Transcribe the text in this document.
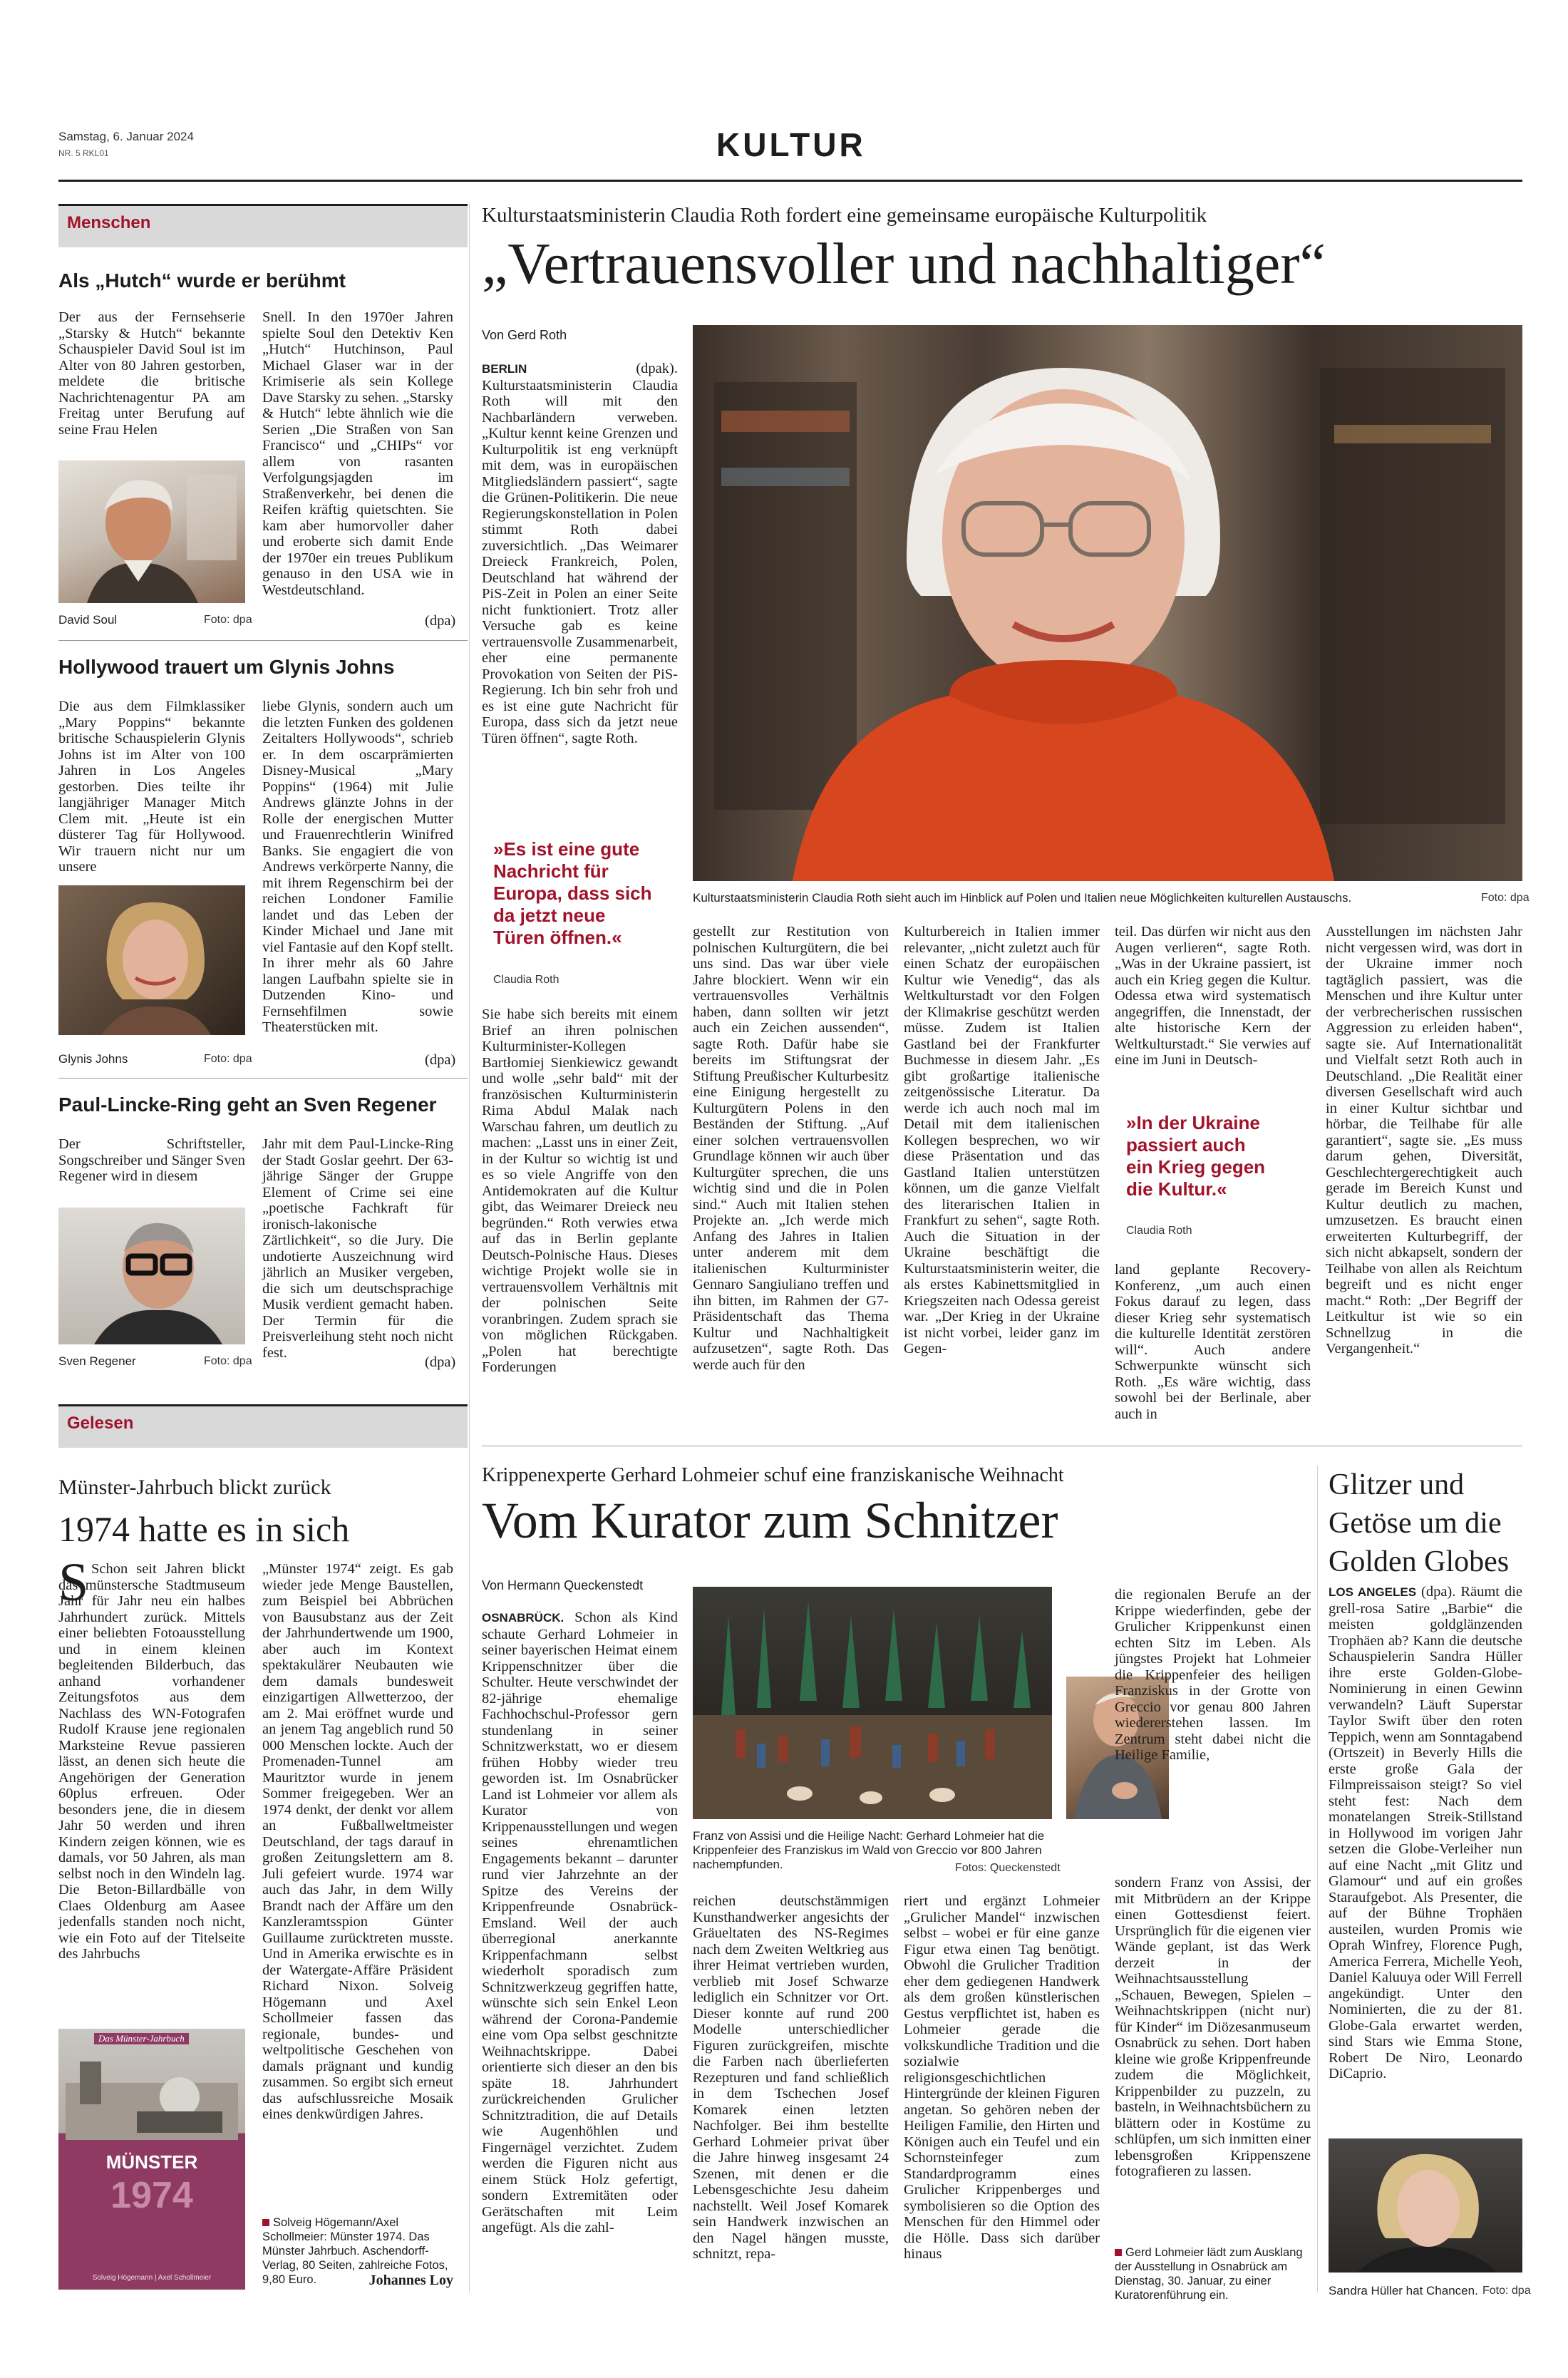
Samstag, 6. Januar 2024
NR. 5 RKL01	KULTUR
Menschen
Als „Hutch“ wurde er berühmt
Der aus der Fernsehserie „Starsky & Hutch“ bekannte Schauspieler David Soul ist im Alter von 80 Jahren gestorben, meldete die britische Nachrichtenagentur PA am Freitag unter Berufung auf seine Frau Helen
David Soul	Foto: dpa
Snell. In den 1970er Jahren spielte Soul den Detektiv Ken „Hutch“ Hutchinson, Paul Michael Glaser war in der Krimiserie als sein Kollege Dave Starsky zu sehen. „Starsky & Hutch“ lebte ähnlich wie die Serien „Die Straßen von San Francisco“ und „CHIPs“ vor allem von rasanten Verfolgungsjagden im Straßenverkehr, bei denen die Reifen kräftig quietschten. Sie kam aber humorvoller daher und eroberte sich damit Ende der 1970er ein treues Publikum genauso in den USA wie in Westdeutschland.
(dpa)
Hollywood trauert um Glynis Johns
Die aus dem Filmklassiker „Mary Poppins“ bekannte britische Schauspielerin Glynis Johns ist im Alter von 100 Jahren in Los Angeles gestorben. Dies teilte ihr langjähriger Manager Mitch Clem mit. „Heute ist ein düsterer Tag für Hollywood. Wir trauern nicht nur um unsere
Glynis Johns	Foto: dpa
liebe Glynis, sondern auch um die letzten Funken des goldenen Zeitalters Hollywoods“, schrieb er. In dem oscarprämierten Disney-Musical „Mary Poppins“ (1964) mit Julie Andrews glänzte Johns in der Rolle der energischen Mutter und Frauenrechtlerin Winifred Banks. Sie engagiert die von Andrews verkörperte Nanny, die mit ihrem Regenschirm bei der reichen Londoner Familie landet und das Leben der Kinder Michael und Jane mit viel Fantasie auf den Kopf stellt. In ihrer mehr als 60 Jahre langen Laufbahn spielte sie in Dutzenden Kino- und Fernsehfilmen sowie Theaterstücken mit.
(dpa)
Paul-Lincke-Ring geht an Sven Regener
Der Schriftsteller, Songschreiber und Sänger Sven Regener wird in diesem
Sven Regener	Foto: dpa
Jahr mit dem Paul-Lincke-Ring der Stadt Goslar geehrt. Der 63-jährige Sänger der Gruppe Element of Crime sei eine „poetische Fachkraft für ironisch-lakonische Zärtlichkeit“, so die Jury. Die undotierte Auszeichnung wird jährlich an Musiker vergeben, die sich um deutschsprachige Musik verdient gemacht haben. Der Termin für die Preisverleihung steht noch nicht fest.
(dpa)
Gelesen
Münster-Jahrbuch blickt zurück
1974 hatte es in sich
S Schon seit Jahren blickt das münstersche Stadtmuseum Jahr für Jahr neu ein halbes Jahrhundert zurück. Mittels einer beliebten Fotoausstellung und in einem kleinen begleitenden Bilderbuch, das anhand vorhandener Zeitungsfotos aus dem Nachlass des WN-Fotografen Rudolf Krause jene regionalen Marksteine Revue passieren lässt, an denen sich heute die Angehörigen der Generation 60plus erfreuen. Oder besonders jene, die in diesem Jahr 50 werden und ihren Kindern zeigen können, wie es damals, vor 50 Jahren, als man selbst noch in den Windeln lag. Die Beton-Billardbälle von Claes Oldenburg am Aasee jedenfalls standen noch nicht, wie ein Foto auf der Titelseite des Jahrbuchs
Das Münster-Jahrbuch
MÜNSTER
1974
Solveig Högemann | Axel Schollmeier
„Münster 1974“ zeigt. Es gab wieder jede Menge Baustellen, zum Beispiel bei Abbrüchen von Bausubstanz aus der Zeit der Jahrhundertwende um 1900, aber auch im Kontext spektakulärer Neubauten wie dem damals bundesweit einzigartigen Allwetterzoo, der am 2. Mai eröffnet wurde und an jenem Tag angeblich rund 50 000 Menschen lockte. Auch der Promenaden-Tunnel am Mauritztor wurde in jenem Sommer freigegeben. Wer an 1974 denkt, der denkt vor allem an Fußballweltmeister Deutschland, der tags darauf in großen Zeitungslettern am 8. Juli gefeiert wurde. 1974 war auch das Jahr, in dem Willy Brandt nach der Affäre um den Kanzleramtsspion Günter Guillaume zurücktreten musste. Und in Amerika erwischte es in der Watergate-Affäre Präsident Richard Nixon. Solveig Högemann und Axel Schollmeier fassen das regionale, bundes- und weltpolitische Geschehen von damals prägnant und kundig zusammen. So ergibt sich erneut das aufschlussreiche Mosaik eines denkwürdigen Jahres.
Solveig Högemann/Axel Schollmeier: Münster 1974. Das Münster Jahrbuch. Aschendorff-Verlag, 80 Seiten, zahlreiche Fotos, 9,80 Euro.	Johannes Loy
Kulturstaatsministerin Claudia Roth fordert eine gemeinsame europäische Kulturpolitik
„Vertrauensvoller und nachhaltiger“
Von Gerd Roth
BERLIN	(dpak). Kulturstaatsministerin Claudia Roth will mit den Nachbarländern verweben. „Kultur kennt keine Grenzen und Kulturpolitik ist eng verknüpft mit dem, was in europäischen Mitgliedsländern passiert“, sagte die Grünen-Politikerin. Die neue Regierungskonstellation in Polen stimmt Roth dabei zuversichtlich. „Das Weimarer Dreieck Frankreich, Polen, Deutschland hat während der PiS-Zeit in Polen an einer Seite nicht funktioniert. Trotz aller Versuche gab es keine vertrauensvolle Zusammenarbeit, eher eine permanente Provokation von Seiten der PiS-Regierung. Ich bin sehr froh und es ist eine gute Nachricht für Europa, dass sich da jetzt neue Türen öffnen“, sagte Roth.
»Es ist eine gute Nachricht für Europa, dass sich da jetzt neue Türen öffnen.«
Claudia Roth
Kulturstaatsministerin Claudia Roth sieht auch im Hinblick auf Polen und Italien neue Möglichkeiten kulturellen Austauschs.	Foto: dpa
Sie habe sich bereits mit einem Brief an ihren polnischen Kulturminister-Kollegen Bartłomiej Sienkiewicz gewandt und wolle „sehr bald“ mit der französischen Kulturministerin Rima Abdul Malak nach Warschau fahren, um deutlich zu machen: „Lasst uns in einer Zeit, in der Kultur so wichtig ist und es so viele Angriffe von den Antidemokraten auf die Kultur gibt, das Weimarer Dreieck neu begründen.“ Roth verwies etwa auf das in Berlin geplante Deutsch-Polnische Haus. Dieses wichtige Projekt wolle sie in vertrauensvollem Verhältnis mit der polnischen Seite voranbringen. Zudem sprach sie von möglichen Rückgaben. „Polen hat berechtigte Forderungen
gestellt zur Restitution von polnischen Kulturgütern, die bei uns sind. Das war über viele Jahre blockiert. Wenn wir ein vertrauensvolles Verhältnis haben, dann sollten wir jetzt auch ein Zeichen aussenden“, sagte Roth. Dafür habe sie bereits im Stiftungsrat der Stiftung Preußischer Kulturbesitz eine Einigung hergestellt zu Kulturgütern Polens in den Beständen der Stiftung. „Auf einer solchen vertrauensvollen Grundlage können wir auch über Kulturgüter sprechen, die uns wichtig sind und die in Polen sind.“ Auch mit Italien stehen Projekte an. „Ich werde mich Anfang des Jahres in Italien unter anderem mit dem italienischen Kulturminister Gennaro Sangiuliano treffen und ihn bitten, im Rahmen der G7-Präsidentschaft das Thema Kultur und Nachhaltigkeit aufzusetzen“, sagte Roth. Das werde auch für den
Kulturbereich in Italien immer relevanter, „nicht zuletzt auch für einen Schatz der europäischen Kultur wie Venedig“, das als Weltkulturstadt vor den Folgen der Klimakrise geschützt werden müsse. Zudem ist Italien Gastland bei der Frankfurter Buchmesse in diesem Jahr. „Es gibt großartige italienische zeitgenössische Literatur. Da werde ich auch noch mal im Detail mit dem italienischen Kollegen besprechen, wo wir diese Präsentation und das Gastland Italien unterstützen können, um die ganze Vielfalt des literarischen Italien in Frankfurt zu sehen“, sagte Roth. Auch die Situation in der Ukraine beschäftigt die Kulturstaatsministerin weiter, die als erstes Kabinettsmitglied in Kriegszeiten nach Odessa gereist war. „Der Krieg in der Ukraine ist nicht vorbei, leider ganz im Gegen-
teil. Das dürfen wir nicht aus den Augen verlieren“, sagte Roth. „Was in der Ukraine passiert, ist auch ein Krieg gegen die Kultur. Odessa etwa wird systematisch angegriffen, die Innenstadt, der alte historische Kern der Weltkulturstadt.“ Sie verwies auf eine im Juni in Deutsch-
»In der Ukraine passiert auch ein Krieg gegen die Kultur.«
Claudia Roth
land geplante Recovery-Konferenz, „um auch einen Fokus darauf zu legen, dass dieser Krieg sehr systematisch die kulturelle Identität zerstören will“. Auch andere Schwerpunkte wünscht sich Roth. „Es wäre wichtig, dass sowohl bei der Berlinale, aber auch in
Ausstellungen im nächsten Jahr nicht vergessen wird, was dort in der Ukraine immer noch tagtäglich passiert, was die Menschen und ihre Kultur unter der verbrecherischen russischen Aggression zu erleiden haben“, sagte sie. Auf Internationalität und Vielfalt setzt Roth auch in Deutschland. „Die Realität einer diversen Gesellschaft wird auch in einer Kultur sichtbar und hörbar, die Teilhabe für alle garantiert“, sagte sie. „Es muss darum gehen, Diversität, Geschlechtergerechtigkeit auch gerade im Bereich Kunst und Kultur deutlich zu machen, umzusetzen. Es braucht einen erweiterten Kulturbegriff, der sich nicht abkapselt, sondern der Teilhabe von allen als Reichtum begreift und es nicht enger macht.“ Roth: „Der Begriff der Leitkultur ist wie so ein Schnellzug in die Vergangenheit.“
Krippenexperte Gerhard Lohmeier schuf eine franziskanische Weihnacht
Vom Kurator zum Schnitzer
Von Hermann Queckenstedt
OSNABRÜCK. Schon als Kind schaute Gerhard Lohmeier in seiner bayerischen Heimat einem Krippenschnitzer über die Schulter. Heute verschwindet der 82-jährige ehemalige Fachhochschul-Professor gern stundenlang in seiner Schnitzwerkstatt, wo er diesem frühen Hobby wieder treu geworden ist. Im Osnabrücker Land ist Lohmeier vor allem als Kurator von Krippenausstellungen und wegen seines ehrenamtlichen Engagements bekannt – darunter rund vier Jahrzehnte an der Spitze des Vereins der Krippenfreunde Osnabrück-Emsland. Weil der auch überregional anerkannte Krippenfachmann selbst wiederholt sporadisch zum Schnitzwerkzeug gegriffen hatte, wünschte sich sein Enkel Leon während der Corona-Pandemie eine vom Opa selbst geschnitzte Weihnachtskrippe. Dabei orientierte sich dieser an den bis späte 18. Jahrhundert zurückreichenden Grulicher Schnitztradition, die auf Details wie Augenhöhlen und Fingernägel verzichtet. Zudem werden die Figuren nicht aus einem Stück Holz gefertigt, sondern Extremitäten oder Gerätschaften mit Leim angefügt. Als die zahl-
Franz von Assisi und die Heilige Nacht: Gerhard Lohmeier hat die Krippenfeier des Franziskus im Wald von Greccio vor 800 Jahren nachempfunden.	Fotos: Queckenstedt
reichen deutschstämmigen Kunsthandwerker angesichts der Gräueltaten des NS-Regimes nach dem Zweiten Weltkrieg aus ihrer Heimat vertrieben wurden, verblieb mit Josef Schwarze lediglich ein Schnitzer vor Ort. Dieser konnte auf rund 200 Modelle unterschiedlicher Figuren zurückgreifen, mischte die Farben nach überlieferten Rezepturen und fand schließlich in dem Tschechen Josef Komarek einen letzten Nachfolger. Bei ihm bestellte Gerhard Lohmeier privat über die Jahre hinweg insgesamt 24 Szenen, mit denen er die Lebensgeschichte Jesu daheim nachstellt. Weil Josef Komarek sein Handwerk inzwischen an den Nagel hängen musste, schnitzt, repa-
riert und ergänzt Lohmeier „Grulicher Mandel“ inzwischen selbst – wobei er für eine ganze Figur etwa einen Tag benötigt. Obwohl die Grulicher Tradition eher dem gediegenen Handwerk als dem großen künstlerischen Gestus verpflichtet ist, haben es Lohmeier gerade die volkskundliche Tradition und die sozialwie religionsgeschichtlichen Hintergründe der kleinen Figuren angetan. So gehören neben der Heiligen Familie, den Hirten und Königen auch ein Teufel und ein Schornsteinfeger zum Standardprogramm eines Grulicher Krippenberges und symbolisieren so die Option des Menschen für den Himmel oder die Hölle. Dass sich darüber hinaus
die regionalen Berufe an der Krippe wiederfinden, gebe der Grulicher Krippenkunst einen echten Sitz im Leben. Als jüngstes Projekt hat Lohmeier die Krippenfeier des heiligen Franziskus in der Grotte von Greccio vor genau 800 Jahren wiedererstehen lassen. Im Zentrum steht dabei nicht die Heilige Familie,
sondern Franz von Assisi, der mit Mitbrüdern an der Krippe einen Gottesdienst feiert. Ursprünglich für die eigenen vier Wände geplant, ist das Werk derzeit in der Weihnachtsausstellung „Schauen, Bewegen, Spielen – Weihnachtskrippen (nicht nur) für Kinder“ im Diözesanmuseum Osnabrück zu sehen. Dort haben kleine wie große Krippenfreunde zudem die Möglichkeit, Krippenbilder zu puzzeln, zu basteln, in Weihnachtsbüchern zu blättern oder in Kostüme zu schlüpfen, um sich inmitten einer lebensgroßen Krippenszene fotografieren zu lassen.
Gerd Lohmeier lädt zum Ausklang der Ausstellung in Osnabrück am Dienstag, 30. Januar, zu einer Kuratorenführung ein.
Glitzer und Getöse um die Golden Globes
LOS ANGELES (dpa). Räumt die grell-rosa Satire „Barbie“ die meisten goldglänzenden Trophäen ab? Kann die deutsche Schauspielerin Sandra Hüller ihre erste Golden-Globe-Nominierung in einen Gewinn verwandeln? Läuft Superstar Taylor Swift über den roten Teppich, wenn am Sonntagabend (Ortszeit) in Beverly Hills die erste große Gala der Filmpreissaison steigt? So viel steht fest: Nach dem monatelangen Streik-Stillstand in Hollywood im vorigen Jahr setzen die Globe-Verleiher nun auf eine Nacht „mit Glitz und Glamour“ und auf ein großes Staraufgebot. Als Presenter, die auf der Bühne Trophäen austeilen, wurden Promis wie Oprah Winfrey, Florence Pugh, America Ferrera, Michelle Yeoh, Daniel Kaluuya oder Will Ferrell angekündigt. Unter den Nominierten, die zu der 81. Globe-Gala erwartet werden, sind Stars wie Emma Stone, Robert De Niro, Leonardo DiCaprio.
Sandra Hüller hat Chancen. Foto: dpa
